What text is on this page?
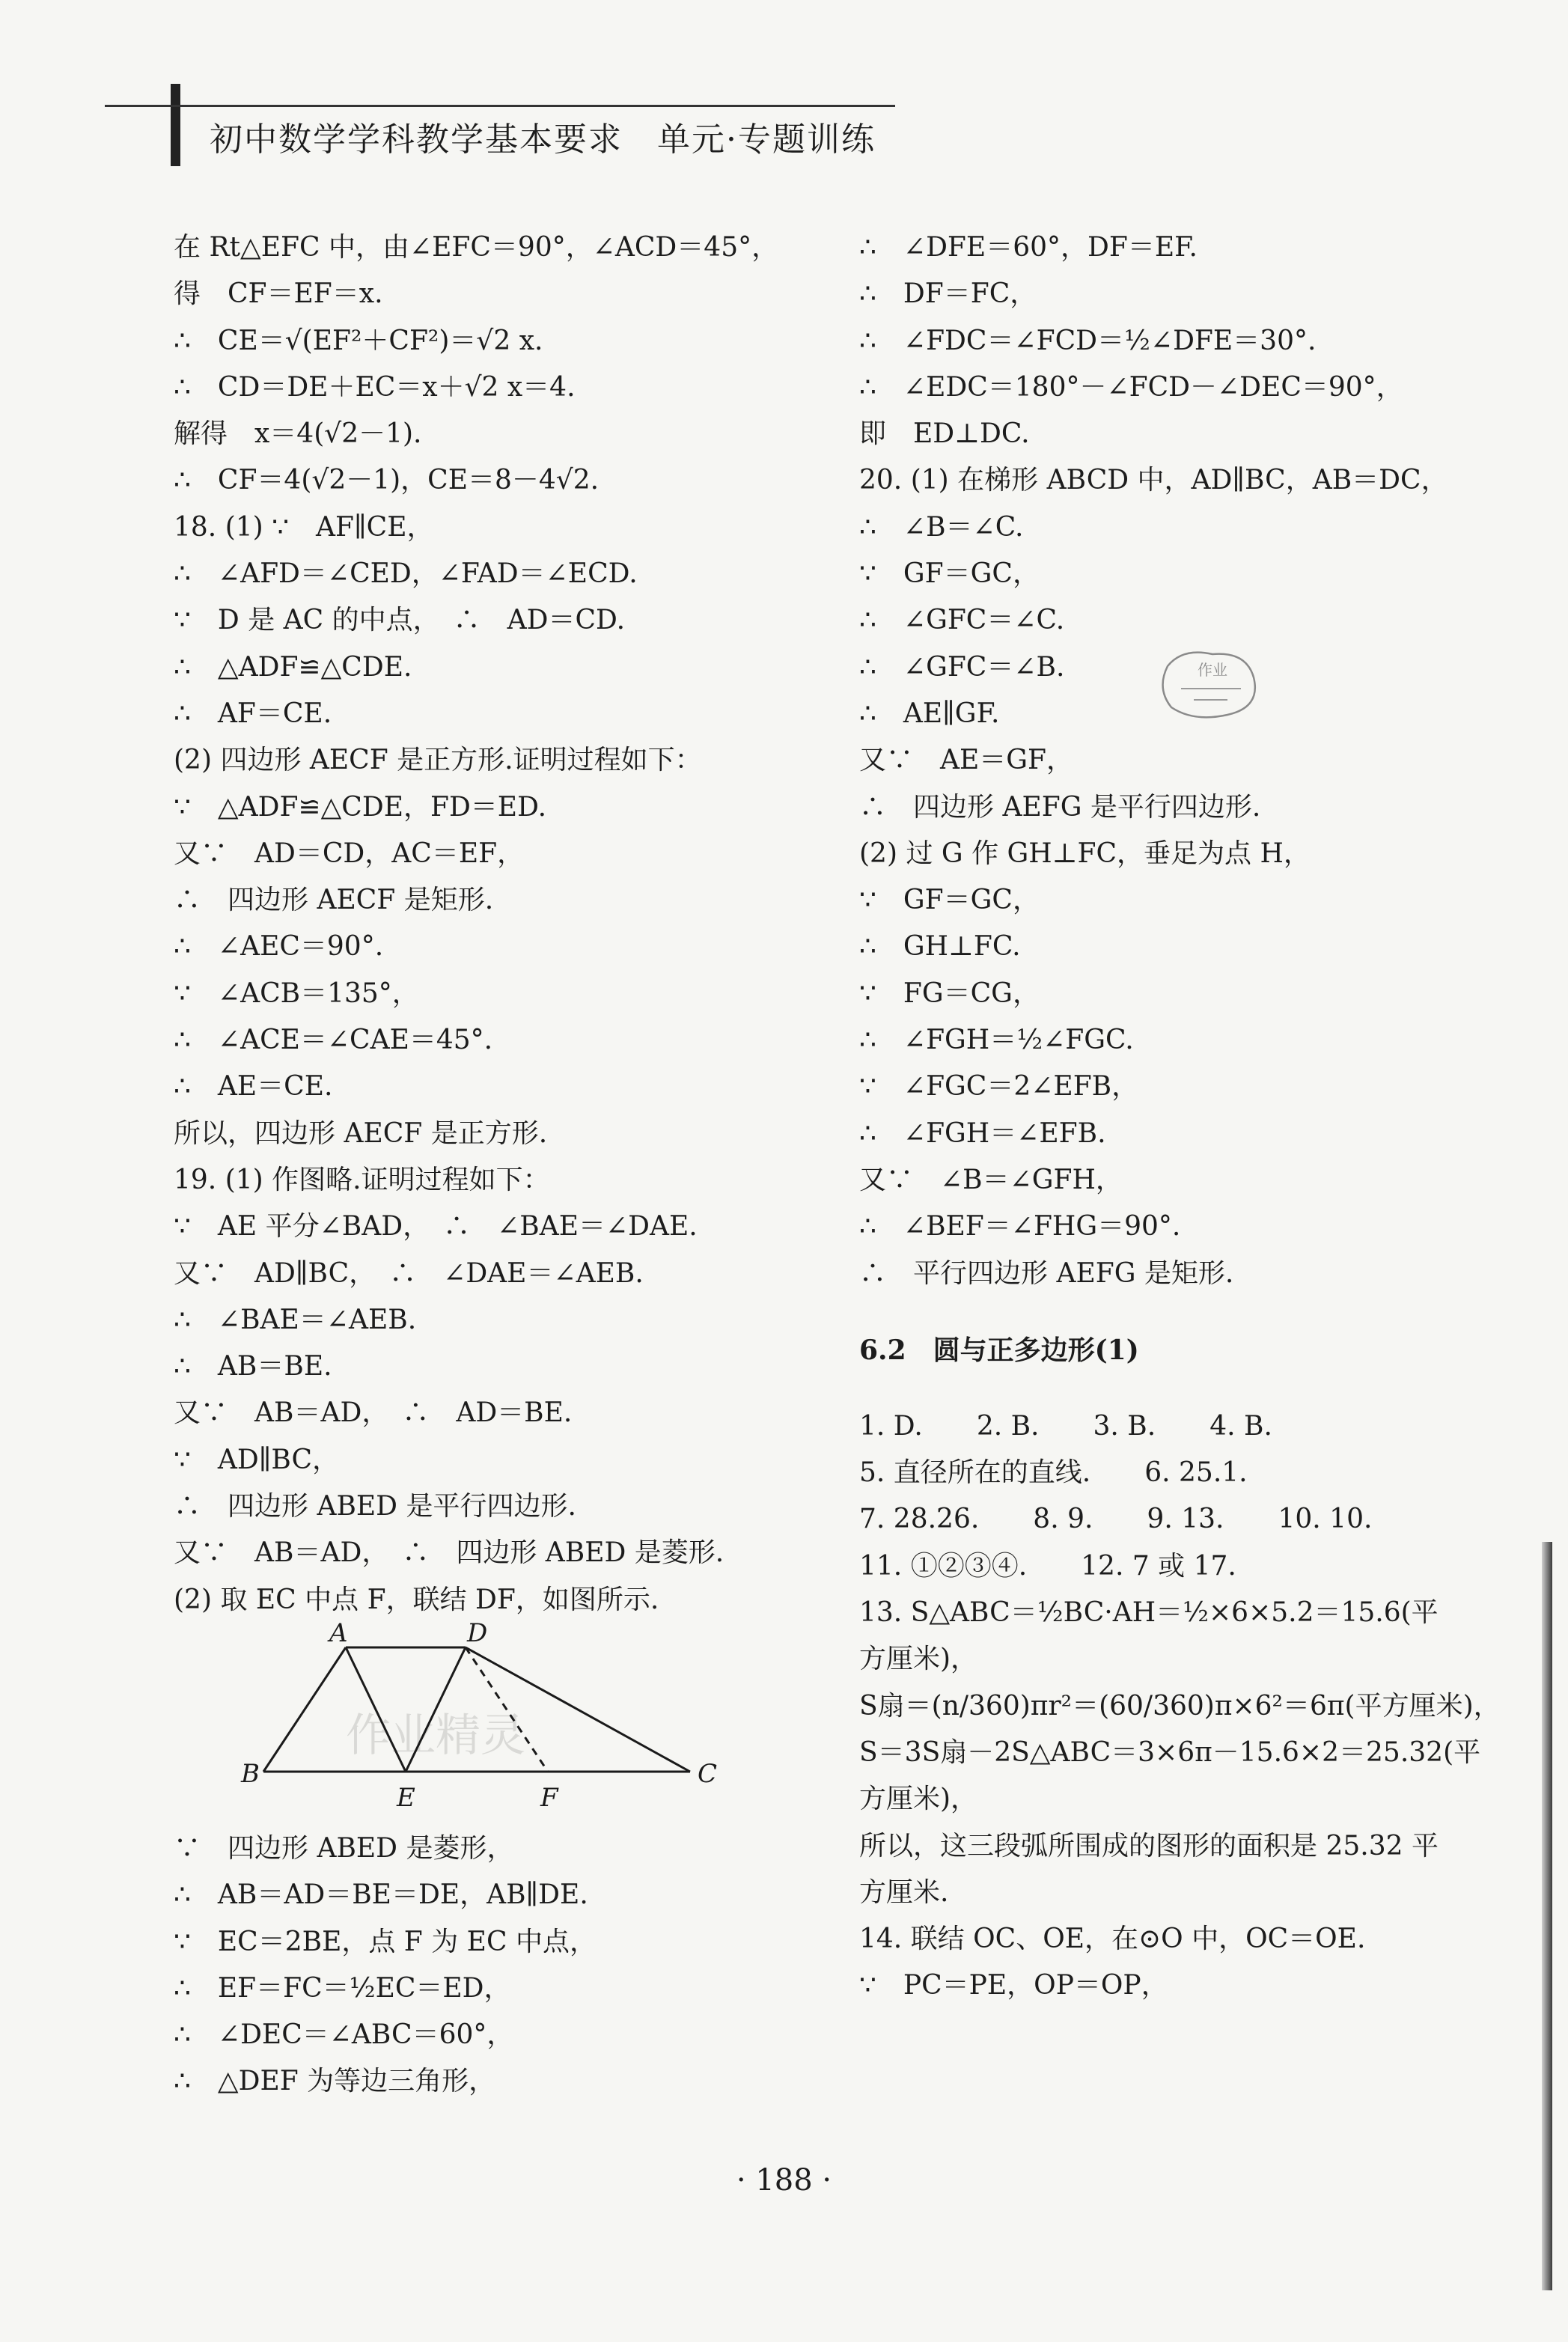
初中数学学科教学基本要求　单元·专题训练
在 Rt△EFC 中，由∠EFC＝90°，∠ACD＝45°，
得　CF＝EF＝x.
∴　CE＝√(EF²＋CF²)＝√2 x.
∴　CD＝DE＋EC＝x＋√2 x＝4.
解得　x＝4(√2－1).
∴　CF＝4(√2－1)，CE＝8－4√2.
18. (1) ∵　AF∥CE，
∴　∠AFD＝∠CED，∠FAD＝∠ECD.
∵　D 是 AC 的中点，　∴　AD＝CD.
∴　△ADF≌△CDE.
∴　AF＝CE.
(2) 四边形 AECF 是正方形.证明过程如下：
∵　△ADF≌△CDE，FD＝ED.
又∵　AD＝CD，AC＝EF，
∴　四边形 AECF 是矩形.
∴　∠AEC＝90°.
∵　∠ACB＝135°，
∴　∠ACE＝∠CAE＝45°.
∴　AE＝CE.
所以，四边形 AECF 是正方形.
19. (1) 作图略.证明过程如下：
∵　AE 平分∠BAD，　∴　∠BAE＝∠DAE.
又∵　AD∥BC，　∴　∠DAE＝∠AEB.
∴　∠BAE＝∠AEB.
∴　AB＝BE.
又∵　AB＝AD，　∴　AD＝BE.
∵　AD∥BC，
∴　四边形 ABED 是平行四边形.
又∵　AB＝AD，　∴　四边形 ABED 是菱形.
(2) 取 EC 中点 F，联结 DF，如图所示.
作业精灵
A	D
B
E	F
C
∵　四边形 ABED 是菱形，
∴　AB＝AD＝BE＝DE，AB∥DE.
∵　EC＝2BE，点 F 为 EC 中点，
∴　EF＝FC＝½EC＝ED，
∴　∠DEC＝∠ABC＝60°，
∴　△DEF 为等边三角形，
∴　∠DFE＝60°，DF＝EF.
∴　DF＝FC，
∴　∠FDC＝∠FCD＝½∠DFE＝30°.
∴　∠EDC＝180°－∠FCD－∠DEC＝90°，
即　ED⊥DC.
20. (1) 在梯形 ABCD 中，AD∥BC，AB＝DC，
∴　∠B＝∠C.
∵　GF＝GC，
∴　∠GFC＝∠C.
∴　∠GFC＝∠B.
∴　AE∥GF.
又∵　AE＝GF，
∴　四边形 AEFG 是平行四边形.
(2) 过 G 作 GH⊥FC，垂足为点 H，
∵　GF＝GC，
∴　GH⊥FC.
∵　FG＝CG，
∴　∠FGH＝½∠FGC.
∵　∠FGC＝2∠EFB，
∴　∠FGH＝∠EFB.
又∵　∠B＝∠GFH，
∴　∠BEF＝∠FHG＝90°.
∴　平行四边形 AEFG 是矩形.
6.2　圆与正多边形(1)
1. D.　　2. B.　　3. B.　　4. B.
5. 直径所在的直线.　　6. 25.1.
7. 28.26.　　8. 9.　　9. 13.　　10. 10.
11. ①②③④.　　12. 7 或 17.
13. S△ABC＝½BC·AH＝½×6×5.2＝15.6(平
方厘米)，
S扇＝(n/360)πr²＝(60/360)π×6²＝6π(平方厘米)，
S＝3S扇－2S△ABC＝3×6π－15.6×2＝25.32(平
方厘米)，
所以，这三段弧所围成的图形的面积是 25.32 平
方厘米.
14. 联结 OC、OE，在⊙O 中，OC＝OE.
∵　PC＝PE，OP＝OP，
作业
· 188 ·
